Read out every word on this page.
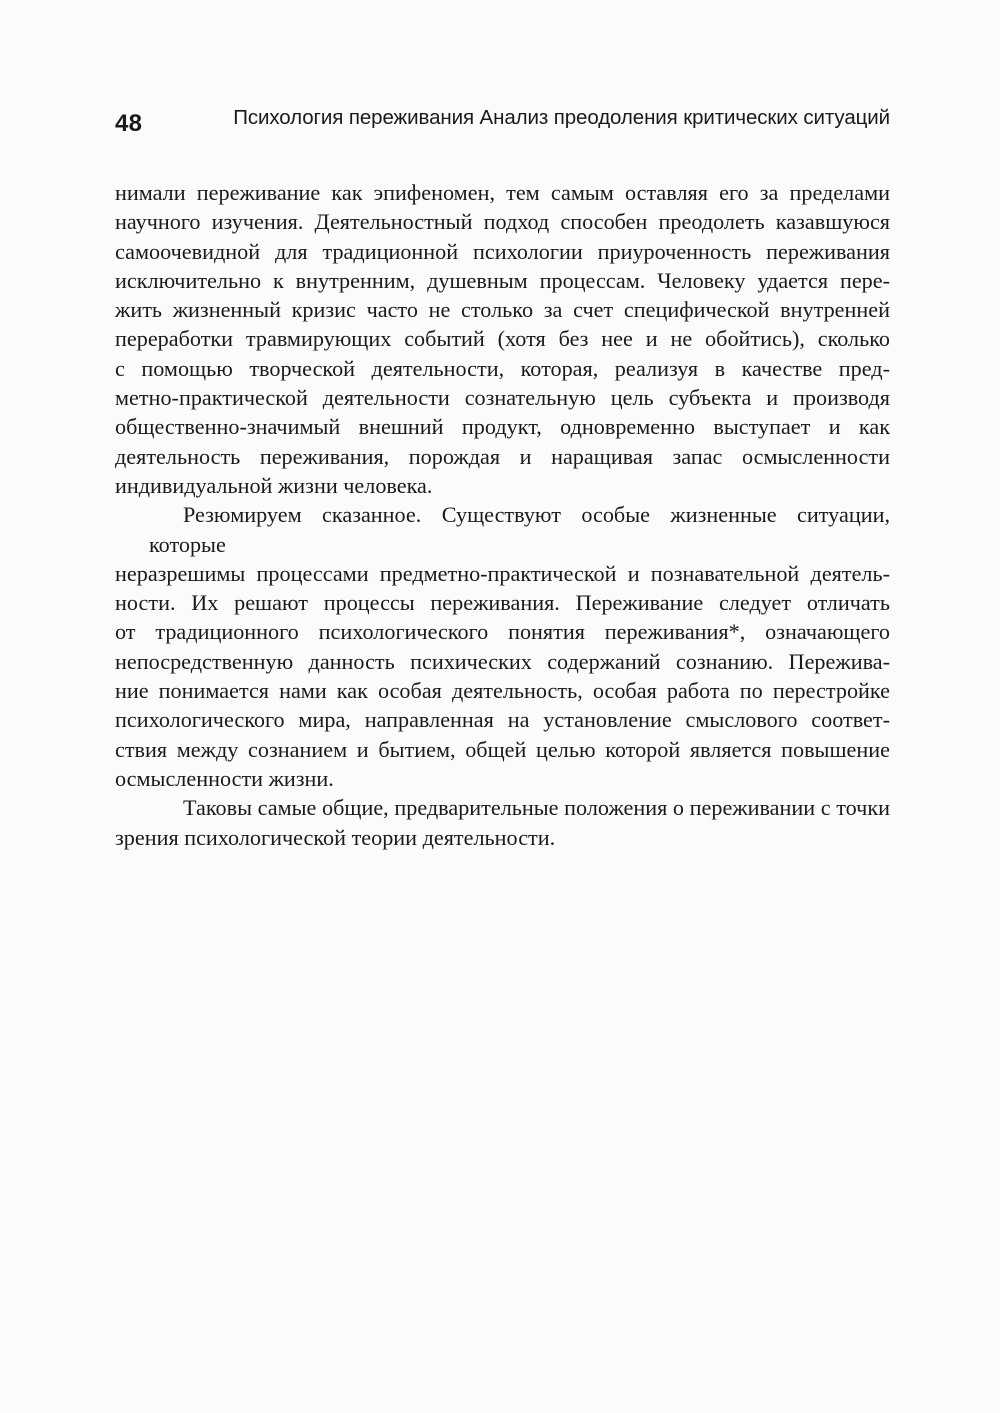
48	Психология переживания Анализ преодоления критических ситуаций

нимали переживание как эпифеномен, тем самым оставляя его за пределами
научного изучения. Деятельностный подход способен преодолеть казавшуюся
самоочевидной для традиционной психологии приуроченность переживания
исключительно к внутренним, душевным процессам. Человеку удается пере-
жить жизненный кризис часто не столько за счет специфической внутренней
переработки травмирующих событий (хотя без нее и не обойтись), сколько
с помощью творческой деятельности, которая, реализуя в качестве пред-
метно-практической деятельности сознательную цель субъекта и производя
общественно-значимый внешний продукт, одновременно выступает и как
деятельность переживания, порождая и наращивая запас осмысленности
индивидуальной жизни человека.

Резюмируем сказанное. Существуют особые жизненные ситуации, которые
неразрешимы процессами предметно-практической и познавательной деятель-
ности. Их решают процессы переживания. Переживание следует отличать
от традиционного психологического понятия переживания*, означающего
непосредственную данность психических содержаний сознанию. Пережива-
ние понимается нами как особая деятельность, особая работа по перестройке
психологического мира, направленная на установление смыслового соответ-
ствия между сознанием и бытием, общей целью которой является повышение
осмысленности жизни.

Таковы самые общие, предварительные положения о переживании с точки
зрения психологической теории деятельности.
